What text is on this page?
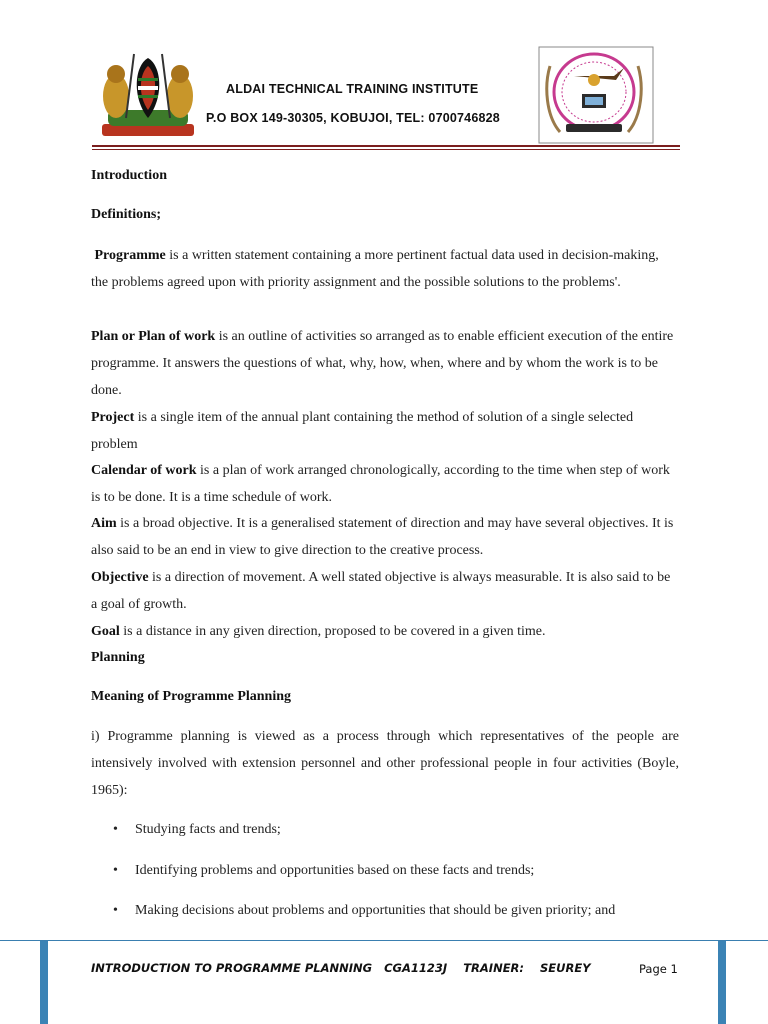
ALDAI TECHNICAL TRAINING INSTITUTE
P.O BOX 149-30305, KOBUJOI, TEL: 0700746828
Introduction
Definitions;
Programme is a written statement containing a more pertinent factual data used in decision-making, the problems agreed upon with priority assignment and the possible solutions to the problems'.
Plan or Plan of work is an outline of activities so arranged as to enable efficient execution of the entire programme. It answers the questions of what, why, how, when, where and by whom the work is to be done.
Project is a single item of the annual plant containing the method of solution of a single selected problem
Calendar of work is a plan of work arranged chronologically, according to the time when step of work is to be done. It is a time schedule of work.
Aim is a broad objective. It is a generalised statement of direction and may have several objectives. It is also said to be an end in view to give direction to the creative process.
Objective is a direction of movement. A well stated objective is always measurable. It is also said to be a goal of growth.
Goal is a distance in any given direction, proposed to be covered in a given time.
Planning
Meaning of Programme Planning
i) Programme planning is viewed as a process through which representatives of the people are intensively involved with extension personnel and other professional people in four activities (Boyle, 1965):
• Studying facts and trends;
• Identifying problems and opportunities based on these facts and trends;
• Making decisions about problems and opportunities that should be given priority; and
INTRODUCTION TO PROGRAMME PLANNING   CGA1123J    TRAINER:    SEUREY	Page 1
